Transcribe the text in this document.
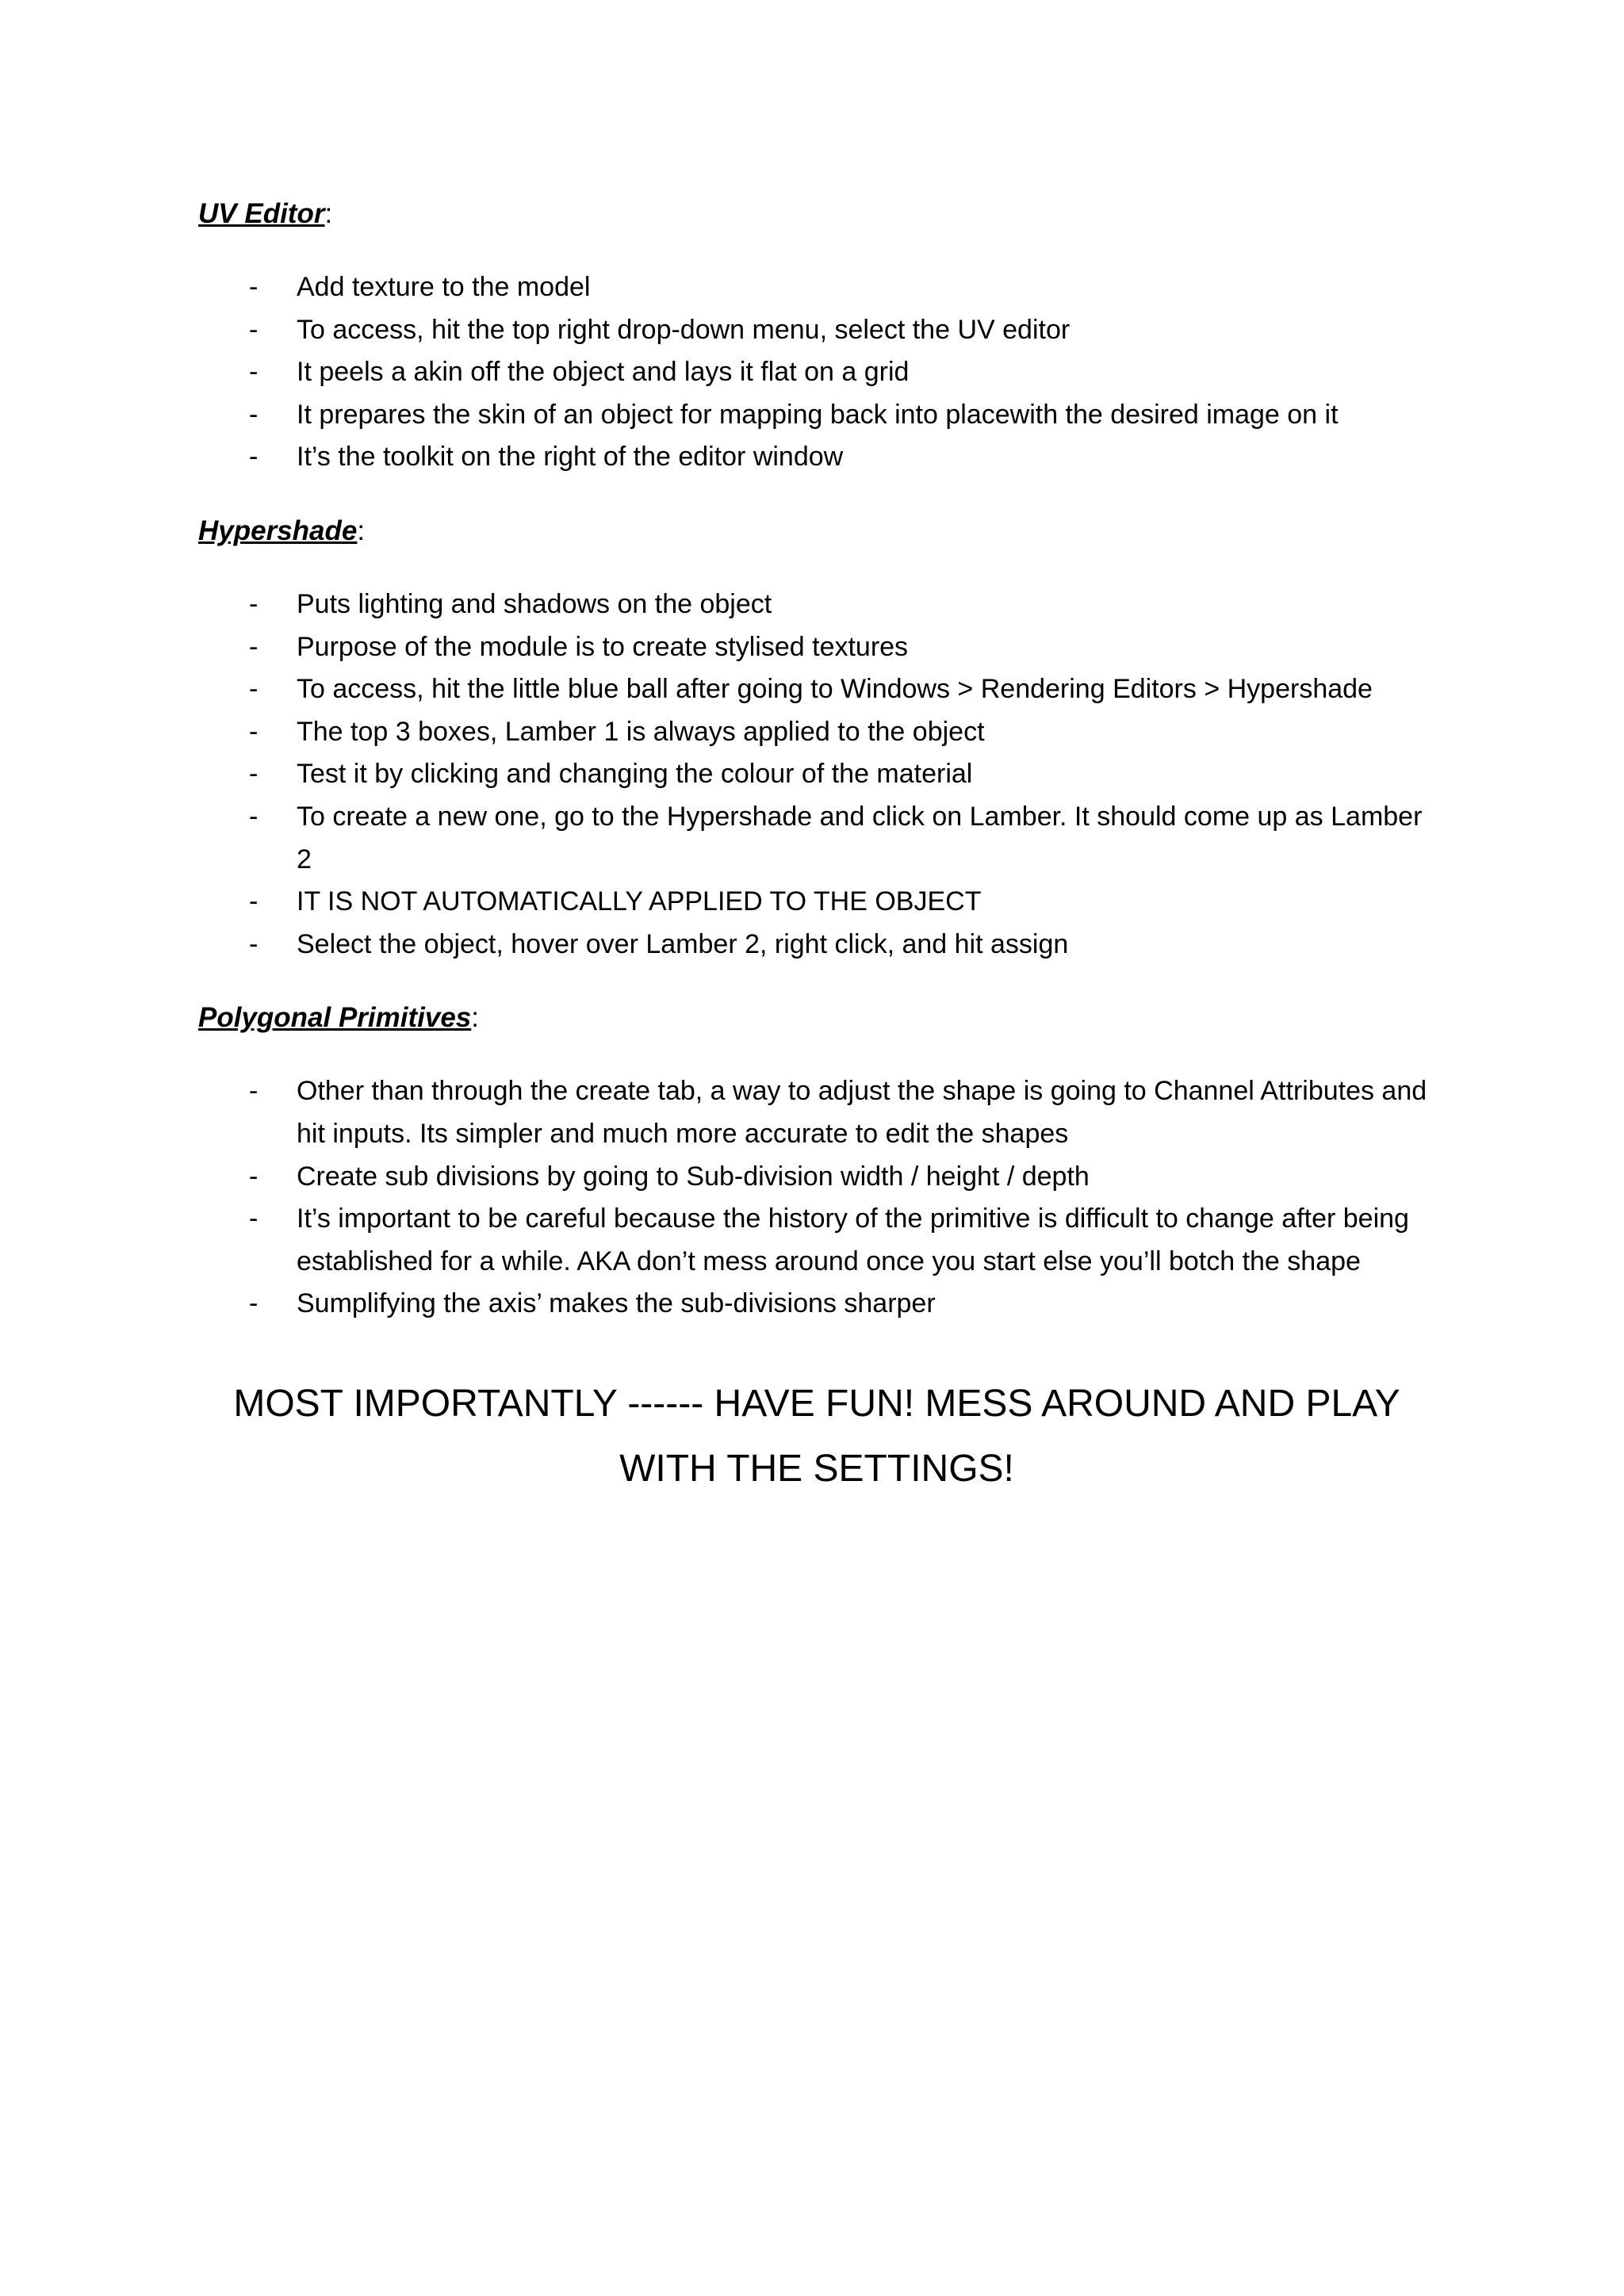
UV Editor:
- Add texture to the model
- To access, hit the top right drop-down menu, select the UV editor
- It peels a akin off the object and lays it flat on a grid
- It prepares the skin of an object for mapping back into placewith the desired image on it
- It’s the toolkit on the right of the editor window
Hypershade:
- Puts lighting and shadows on the object
- Purpose of the module is to create stylised textures
- To access, hit the little blue ball after going to Windows > Rendering Editors > Hypershade
- The top 3 boxes, Lamber 1 is always applied to the object
- Test it by clicking and changing the colour of the material
- To create a new one, go to the Hypershade and click on Lamber. It should come up as Lamber 2
- IT IS NOT AUTOMATICALLY APPLIED TO THE OBJECT
- Select the object, hover over Lamber 2, right click, and hit assign
Polygonal Primitives:
- Other than through the create tab, a way to adjust the shape is going to Channel Attributes and hit inputs. Its simpler and much more accurate to edit the shapes
- Create sub divisions by going to Sub-division width / height / depth
- It’s important to be careful because the history of the primitive is difficult to change after being established for a while. AKA don’t mess around once you start else you’ll botch the shape
- Sumplifying the axis’ makes the sub-divisions sharper
MOST IMPORTANTLY ------ HAVE FUN! MESS AROUND AND PLAY
WITH THE SETTINGS!
